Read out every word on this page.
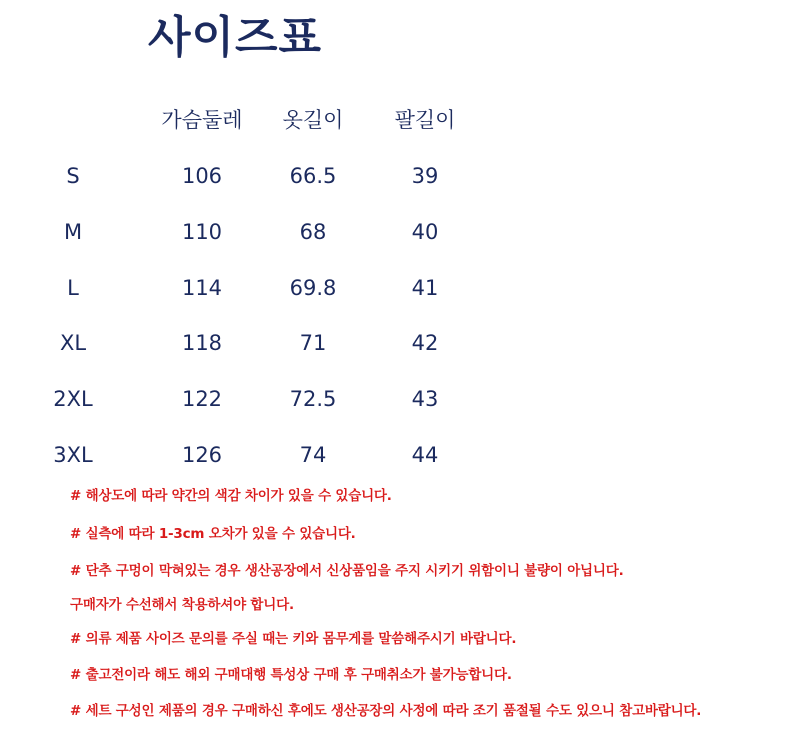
사이즈표
가슴둘레 옷길이 팔길이
S	106	66.5	39
M	110	68	40
L	114	69.8	41
XL	118	71	42
2XL	122	72.5	43
3XL	126	74	44
# 해상도에 따라 약간의 색감 차이가 있을 수 있습니다.
# 실측에 따라 1-3cm 오차가 있을 수 있습니다.
# 단추 구멍이 막혀있는 경우 생산공장에서 신상품임을 주지 시키기 위함이니 불량이 아닙니다.
구매자가 수선해서 착용하셔야 합니다.
# 의류 제품 사이즈 문의를 주실 때는 키와 몸무게를 말씀해주시기 바랍니다.
# 출고전이라 해도 해외 구매대행 특성상 구매 후 구매취소가 불가능합니다.
# 세트 구성인 제품의 경우 구매하신 후에도 생산공장의 사정에 따라 조기 품절될 수도 있으니 참고바랍니다.
